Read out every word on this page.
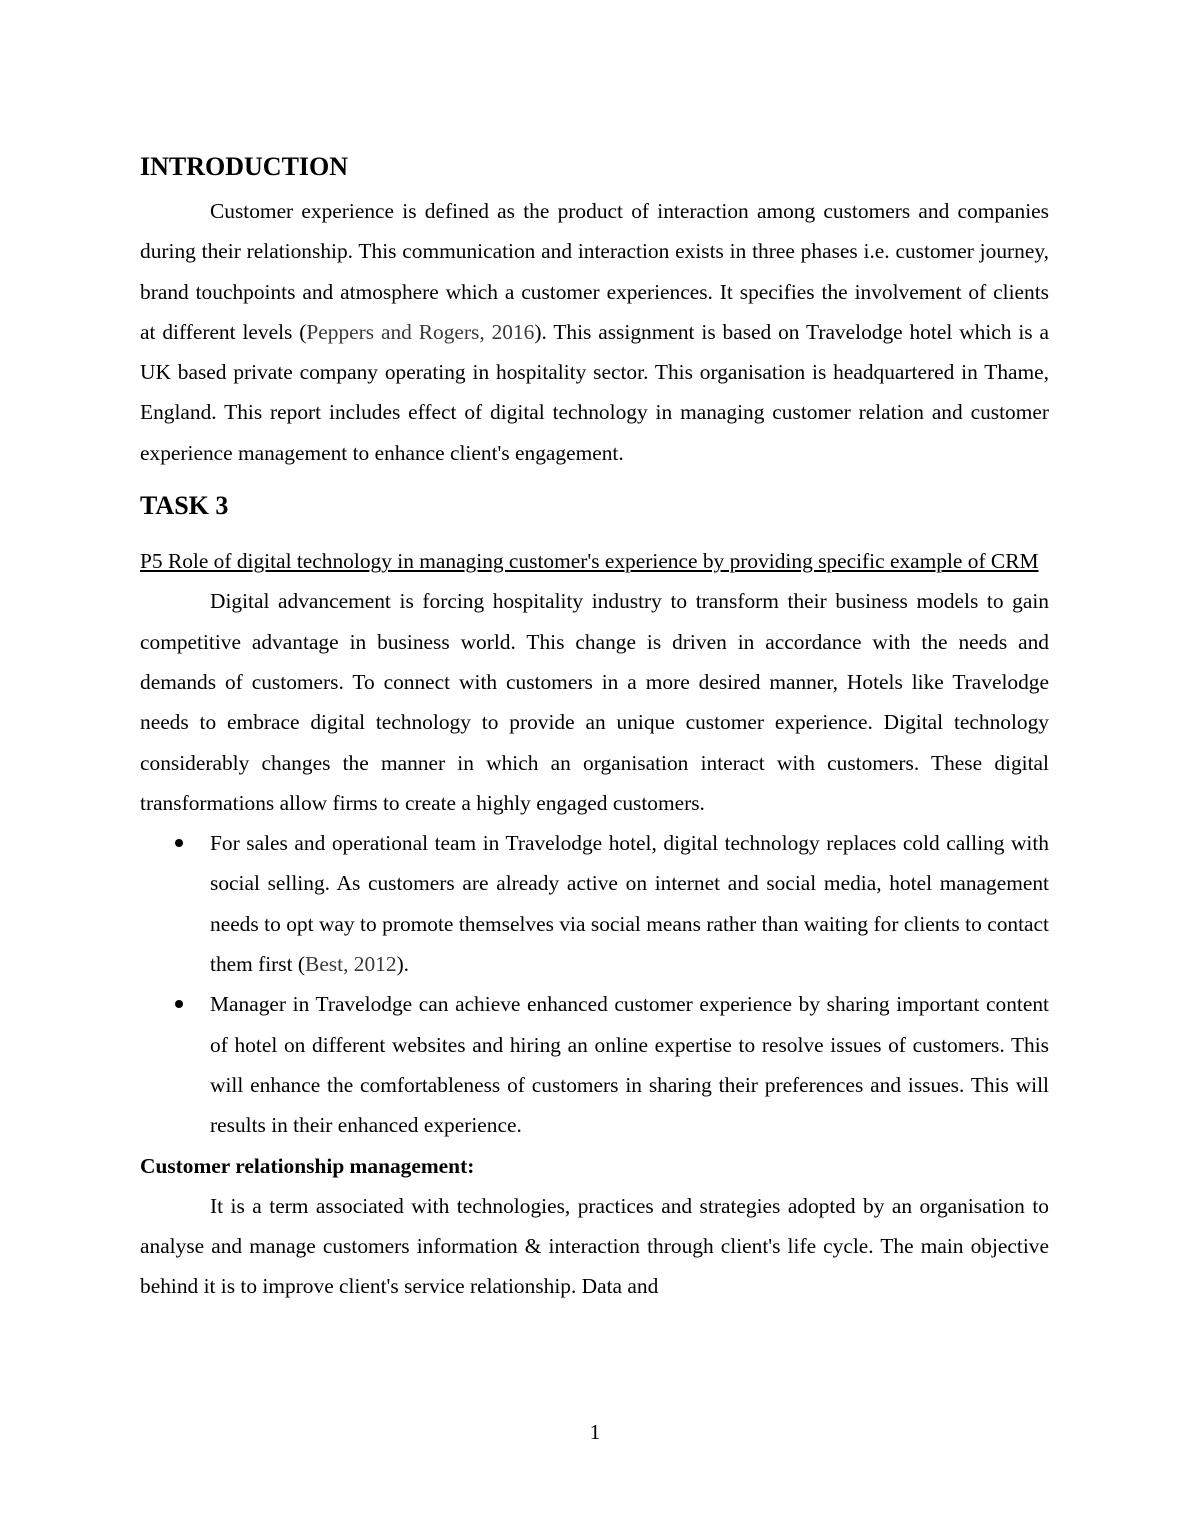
INTRODUCTION

Customer experience is defined as the product of interaction among customers and companies during their relationship. This communication and interaction exists in three phases i.e. customer journey, brand touchpoints and atmosphere which a customer experiences. It specifies the involvement of clients at different levels (Peppers and Rogers, 2016). This assignment is based on Travelodge hotel which is a UK based private company operating in hospitality sector. This organisation is headquartered in Thame, England. This report includes effect of digital technology in managing customer relation and customer experience management to enhance client's engagement.

TASK 3

P5 Role of digital technology in managing customer's experience by providing specific example of CRM

Digital advancement is forcing hospitality industry to transform their business models to gain competitive advantage in business world. This change is driven in accordance with the needs and demands of customers. To connect with customers in a more desired manner, Hotels like Travelodge needs to embrace digital technology to provide an unique customer experience. Digital technology considerably changes the manner in which an organisation interact with customers. These digital transformations allow firms to create a highly engaged customers.

For sales and operational team in Travelodge hotel, digital technology replaces cold calling with social selling. As customers are already active on internet and social media, hotel management needs to opt way to promote themselves via social means rather than waiting for clients to contact them first (Best, 2012).
Manager in Travelodge can achieve enhanced customer experience by sharing important content of hotel on different websites and hiring an online expertise to resolve issues of customers. This will enhance the comfortableness of customers in sharing their preferences and issues. This will results in their enhanced experience.

Customer relationship management:

It is a term associated with technologies, practices and strategies adopted by an organisation to analyse and manage customers information & interaction through client's life cycle. The main objective behind it is to improve client's service relationship. Data and

1
